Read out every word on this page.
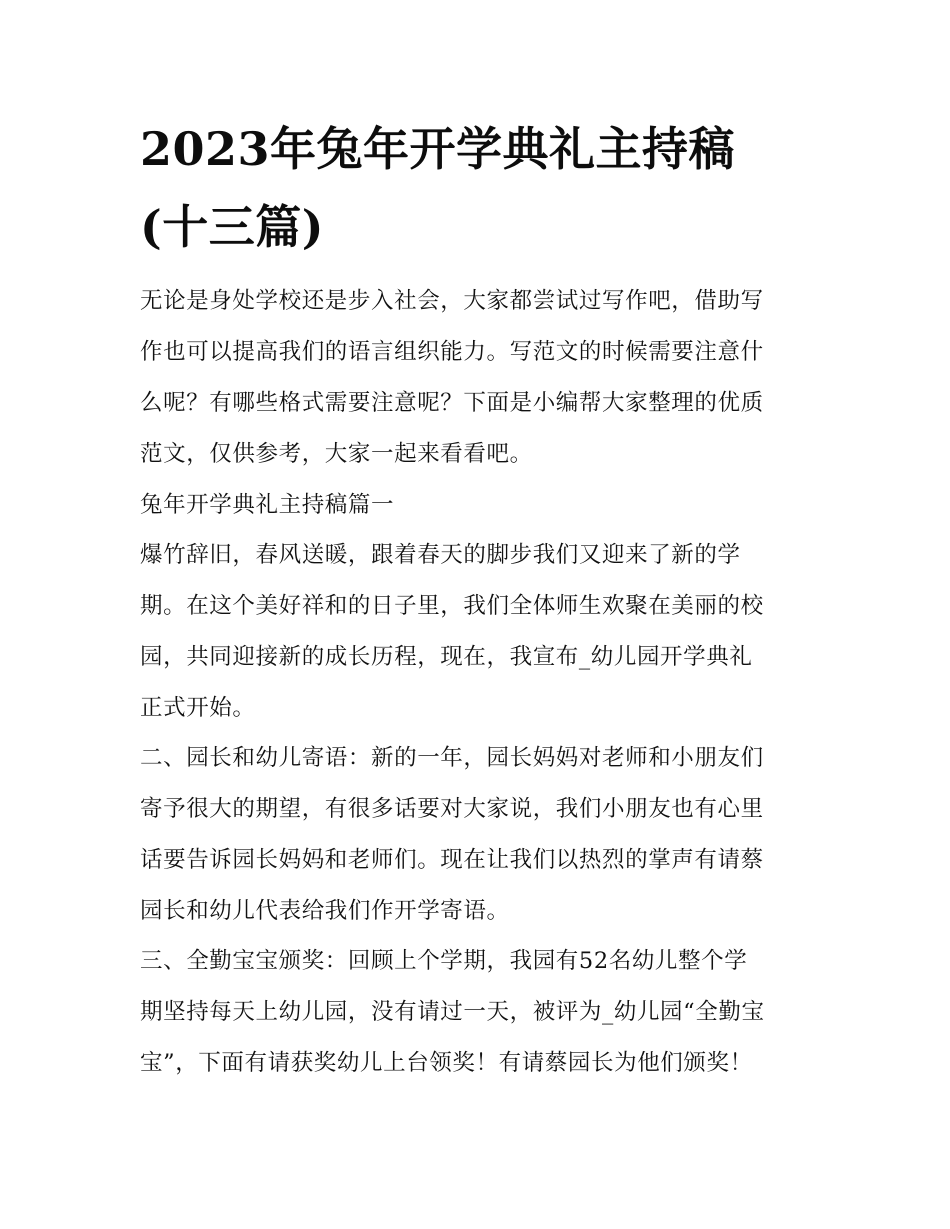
2023年兔年开学典礼主持稿
(十三篇)
无论是身处学校还是步入社会，大家都尝试过写作吧，借助写
作也可以提高我们的语言组织能力。写范文的时候需要注意什
么呢？有哪些格式需要注意呢？下面是小编帮大家整理的优质
范文，仅供参考，大家一起来看看吧。
兔年开学典礼主持稿篇一
爆竹辞旧，春风送暖，跟着春天的脚步我们又迎来了新的学
期。在这个美好祥和的日子里，我们全体师生欢聚在美丽的校
园，共同迎接新的成长历程，现在，我宣布_幼儿园开学典礼
正式开始。
二、园长和幼儿寄语：新的一年，园长妈妈对老师和小朋友们
寄予很大的期望，有很多话要对大家说，我们小朋友也有心里
话要告诉园长妈妈和老师们。现在让我们以热烈的掌声有请蔡
园长和幼儿代表给我们作开学寄语。
三、全勤宝宝颁奖：回顾上个学期，我园有52名幼儿整个学
期坚持每天上幼儿园，没有请过一天，被评为_幼儿园“全勤宝
宝”，下面有请获奖幼儿上台领奖！有请蔡园长为他们颁奖！
